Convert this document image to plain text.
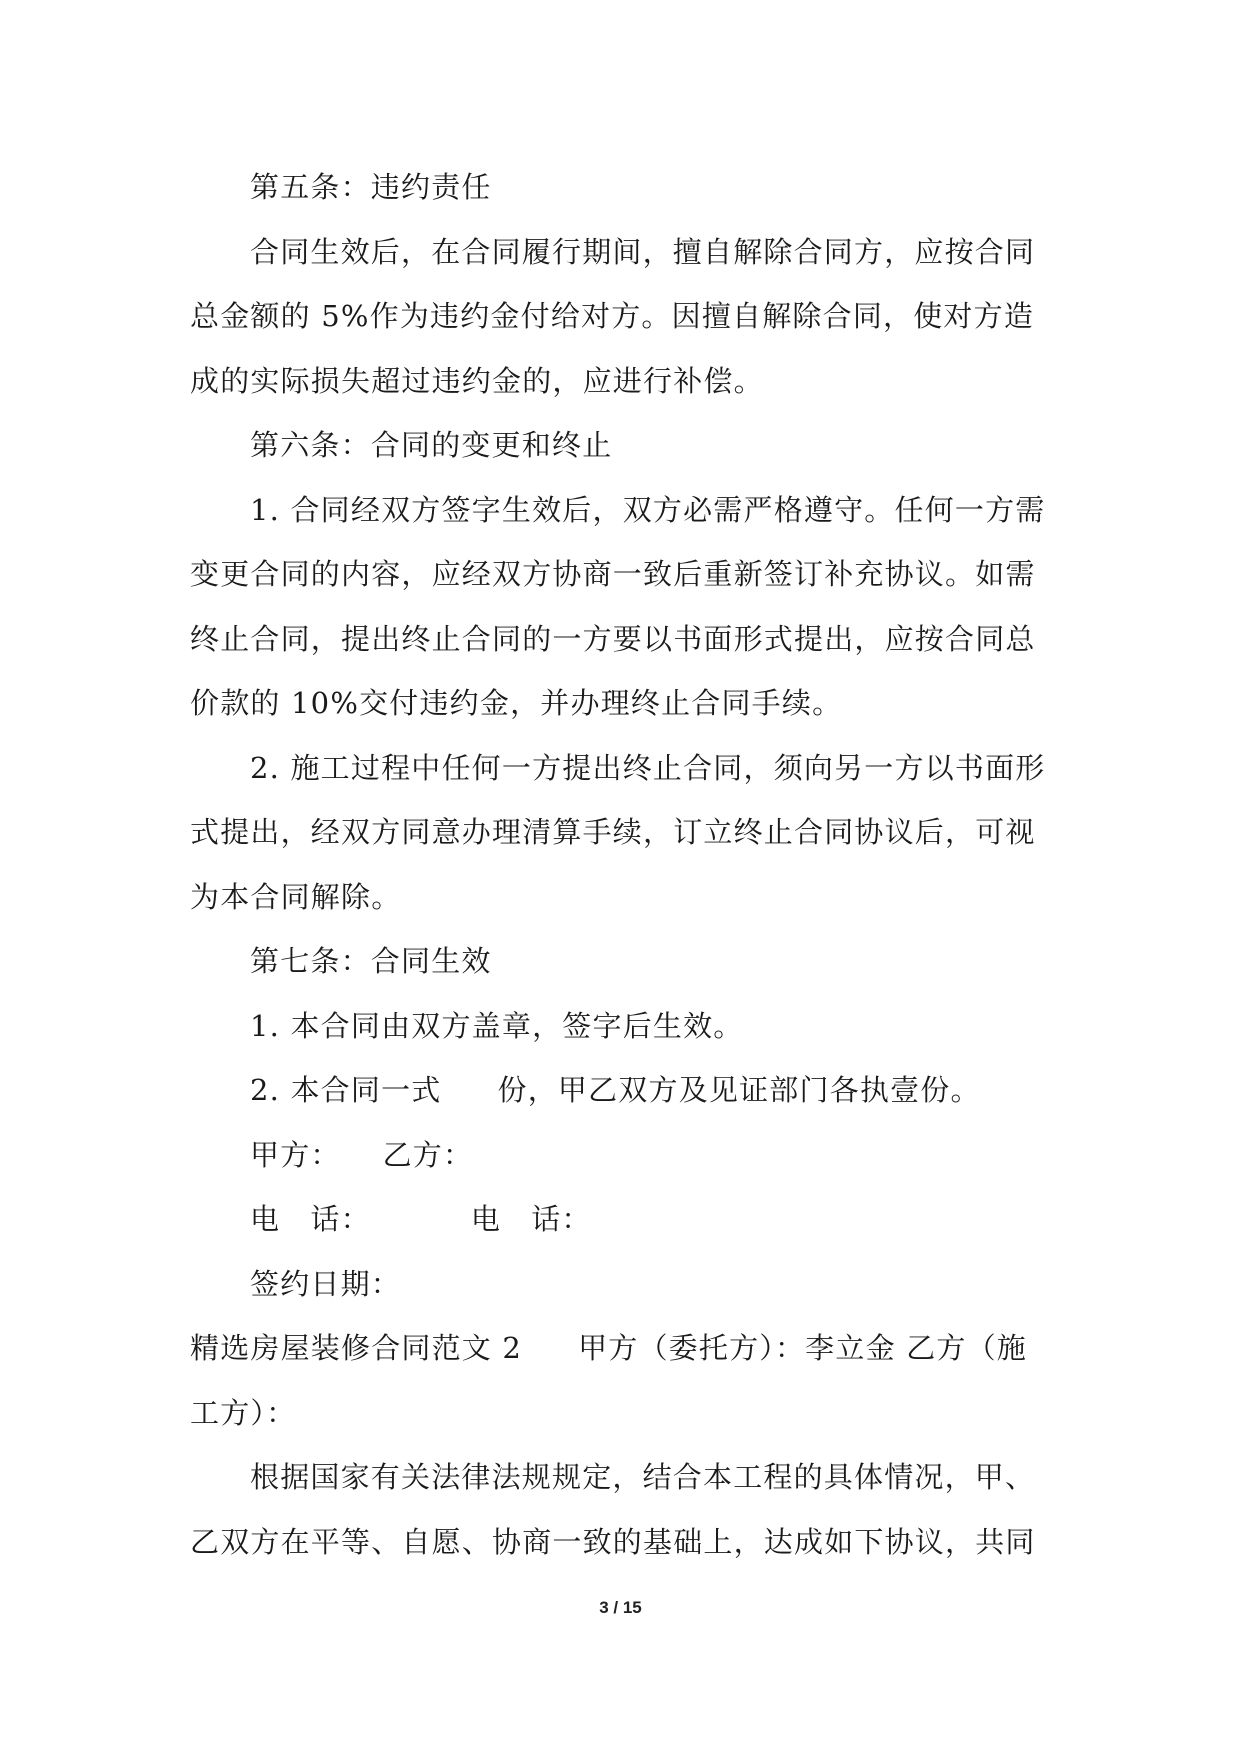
第五条：违约责任
合同生效后，在合同履行期间，擅自解除合同方，应按合同
总金额的 5%作为违约金付给对方。因擅自解除合同，使对方造
成的实际损失超过违约金的，应进行补偿。
第六条：合同的变更和终止
1. 合同经双方签字生效后，双方必需严格遵守。任何一方需
变更合同的内容，应经双方协商一致后重新签订补充协议。如需
终止合同，提出终止合同的一方要以书面形式提出，应按合同总
价款的 10%交付违约金，并办理终止合同手续。
2. 施工过程中任何一方提出终止合同，须向另一方以书面形
式提出，经双方同意办理清算手续，订立终止合同协议后，可视
为本合同解除。
第七条：合同生效
1. 本合同由双方盖章，签字后生效。
2. 本合同一式 份，甲乙双方及见证部门各执壹份。
甲方： 乙方：
电　话：	电　话：
签约日期：
精选房屋装修合同范文 2 甲方（委托方）：李立金 乙方（施
工方）：
根据国家有关法律法规规定，结合本工程的具体情况，甲、
乙双方在平等、自愿、协商一致的基础上，达成如下协议，共同
3 / 15
